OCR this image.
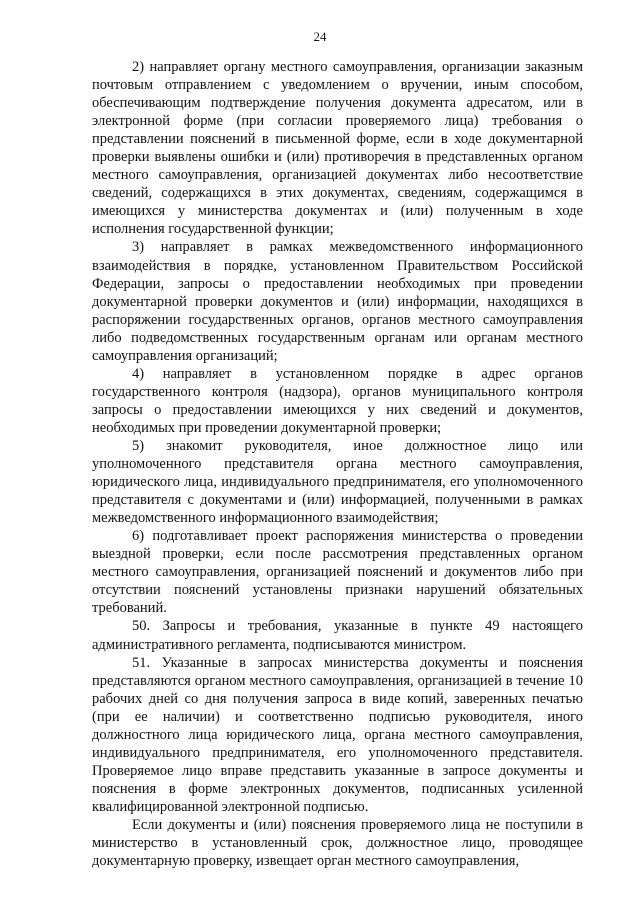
24

2) направляет органу местного самоуправления, организации заказным почтовым отправлением с уведомлением о вручении, иным способом, обеспечивающим подтверждение получения документа адресатом, или в электронной форме (при согласии проверяемого лица) требования о представлении пояснений в письменной форме, если в ходе документарной проверки выявлены ошибки и (или) противоречия в представленных органом местного самоуправления, организацией документах либо несоответствие сведений, содержащихся в этих документах, сведениям, содержащимся в имеющихся у министерства документах и (или) полученным в ходе исполнения государственной функции;

3) направляет в рамках межведомственного информационного взаимодействия в порядке, установленном Правительством Российской Федерации, запросы о предоставлении необходимых при проведении документарной проверки документов и (или) информации, находящихся в распоряжении государственных органов, органов местного самоуправления либо подведомственных государственным органам или органам местного самоуправления организаций;

4) направляет в установленном порядке в адрес органов государственного контроля (надзора), органов муниципального контроля запросы о предоставлении имеющихся у них сведений и документов, необходимых при проведении документарной проверки;

5) знакомит руководителя, иное должностное лицо или уполномоченного представителя органа местного самоуправления, юридического лица, индивидуального предпринимателя, его уполномоченного представителя с документами и (или) информацией, полученными в рамках межведомственного информационного взаимодействия;

6) подготавливает проект распоряжения министерства о проведении выездной проверки, если после рассмотрения представленных органом местного самоуправления, организацией пояснений и документов либо при отсутствии пояснений установлены признаки нарушений обязательных требований.

50. Запросы и требования, указанные в пункте 49 настоящего административного регламента, подписываются министром.

51. Указанные в запросах министерства документы и пояснения представляются органом местного самоуправления, организацией в течение 10 рабочих дней со дня получения запроса в виде копий, заверенных печатью (при ее наличии) и соответственно подписью руководителя, иного должностного лица юридического лица, органа местного самоуправления, индивидуального предпринимателя, его уполномоченного представителя. Проверяемое лицо вправе представить указанные в запросе документы и пояснения в форме электронных документов, подписанных усиленной квалифицированной электронной подписью.

Если документы и (или) пояснения проверяемого лица не поступили в министерство в установленный срок, должностное лицо, проводящее документарную проверку, извещает орган местного самоуправления,
